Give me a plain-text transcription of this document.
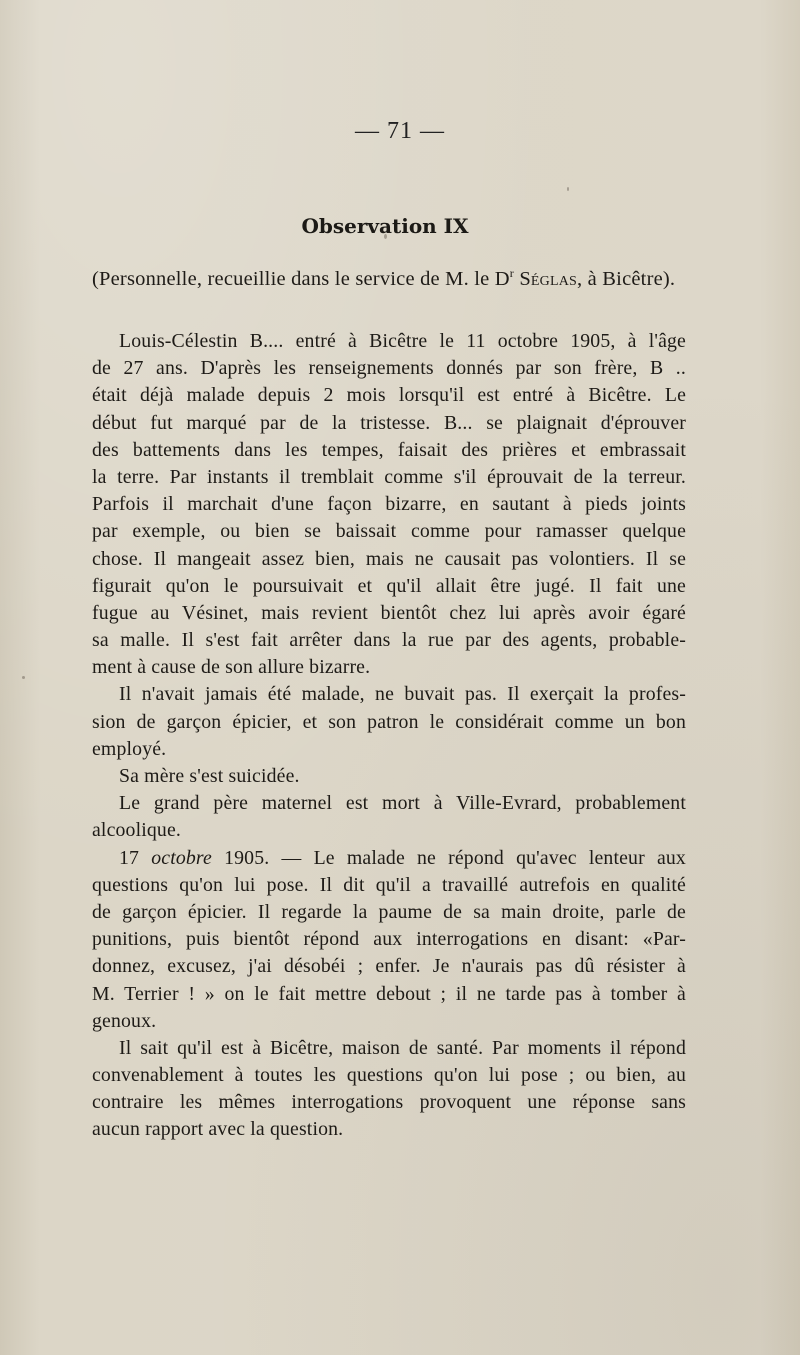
— 71 —
Observation IX
(Personnelle, recueillie dans le service de M. le $D^r$ Séglas, à Bicêtre).
Louis-Célestin B.... entré à Bicêtre le 11 octobre 1905, à l'âge
de 27 ans. D'après les renseignements donnés par son frère, B ..
était déjà malade depuis 2 mois lorsqu'il est entré à Bicêtre. Le
début fut marqué par de la tristesse. B... se plaignait d'éprouver
des battements dans les tempes, faisait des prières et embrassait
la terre. Par instants il tremblait comme s'il éprouvait de la terreur.
Parfois il marchait d'une façon bizarre, en sautant à pieds joints
par exemple, ou bien se baissait comme pour ramasser quelque
chose. Il mangeait assez bien, mais ne causait pas volontiers. Il se
figurait qu'on le poursuivait et qu'il allait être jugé. Il fait une
fugue au Vésinet, mais revient bientôt chez lui après avoir égaré
sa malle. Il s'est fait arrêter dans la rue par des agents, probable-
ment à cause de son allure bizarre.
Il n'avait jamais été malade, ne buvait pas. Il exerçait la profes-
sion de garçon épicier, et son patron le considérait comme un bon
employé.
Sa mère s'est suicidée.
Le grand père maternel est mort à Ville-Evrard, probablement
alcoolique.
17 octobre 1905. — Le malade ne répond qu'avec lenteur aux
questions qu'on lui pose. Il dit qu'il a travaillé autrefois en qualité
de garçon épicier. Il regarde la paume de sa main droite, parle de
punitions, puis bientôt répond aux interrogations en disant: «Par-
donnez, excusez, j'ai désobéi ; enfer. Je n'aurais pas dû résister à
M. Terrier ! » on le fait mettre debout ; il ne tarde pas à tomber à
genoux.
Il sait qu'il est à Bicêtre, maison de santé. Par moments il répond
convenablement à toutes les questions qu'on lui pose ; ou bien, au
contraire les mêmes interrogations provoquent une réponse sans
aucun rapport avec la question.
